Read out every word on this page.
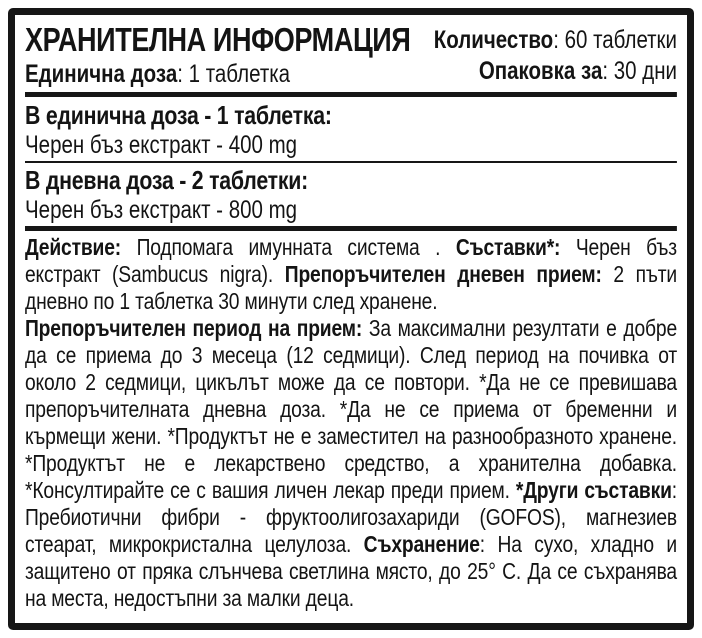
ХРАНИТЕЛНА ИНФОРМАЦИЯ
Единична доза: 1 таблетка
Количество: 60 таблетки
Опаковка за: 30 дни
В единична доза - 1 таблетка:
Черен бъз екстракт - 400 mg
В дневна доза - 2 таблетки:
Черен бъз екстракт - 800 mg

Действие: Подпомага имунната система . Съставки*: Черен бъз екстракт (Sambucus nigra). Препоръчителен дневен прием: 2 пъти дневно по 1 таблетка 30 минути след хранене.

Препоръчителен период на прием: За максимални резултати е добре да се приема до 3 месеца (12 седмици). След период на почивка от около 2 седмици, цикълът може да се повтори. *Да не се превишава препоръчителната дневна доза. *Да не се приема от бременни и кърмещи жени. *Продуктът не е заместител на разнообразното хранене. *Продуктът не е лекарствено средство, а хранителна добавка. *Консултирайте се с вашия личен лекар преди прием. *Други съставки: Пребиотични фибри - фруктоолигозахариди (GOFOS), магнезиев стеарат, микрокристална целулоза. Съхранение: На сухо, хладно и защитено от пряка слънчева светлина място, до 25° С. Да се съхранява на места, недостъпни за малки деца.
